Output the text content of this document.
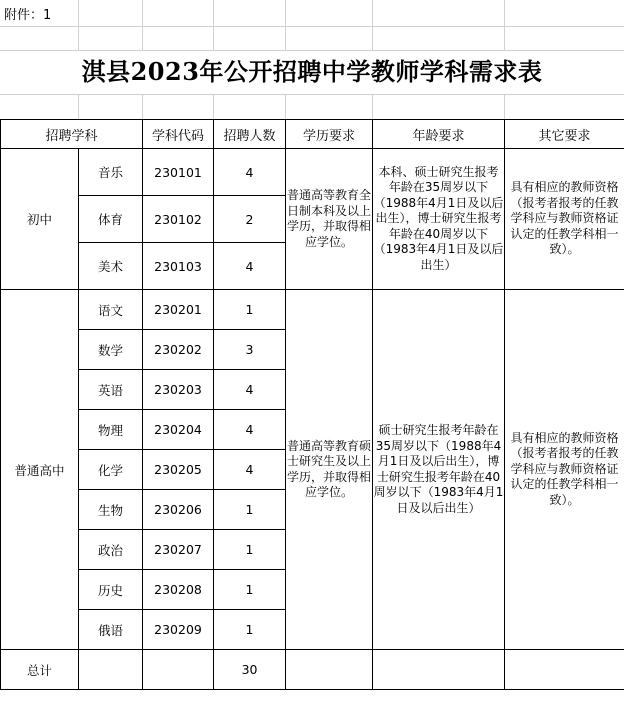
附件：1
淇县2023年公开招聘中学教师学科需求表
招聘学科		学科代码	招聘人数	学历要求	年龄要求	其它要求
初中	音乐	230101	4	普通高等教育全日制本科及以上学历，并取得相应学位。	本科、硕士研究生报考年龄在35周岁以下（1988年4月1日及以后出生），博士研究生报考年龄在40周岁以下（1983年4月1日及以后出生）	具有相应的教师资格（报考者报考的任教学科应与教师资格证认定的任教学科相一致）。
	体育	230102	2			
	美术	230103	4			
普通高中	语文	230201	1	普通高等教育硕士研究生及以上学历，并取得相应学位。	硕士研究生报考年龄在35周岁以下（1988年4月1日及以后出生），博士研究生报考年龄在40周岁以下（1983年4月1日及以后出生）	具有相应的教师资格（报考者报考的任教学科应与教师资格证认定的任教学科相一致）。
	数学	230202	3			
	英语	230203	4			
	物理	230204	4			
	化学	230205	4			
	生物	230206	1			
	政治	230207	1			
	历史	230208	1			
	俄语	230209	1			
总计			30			
